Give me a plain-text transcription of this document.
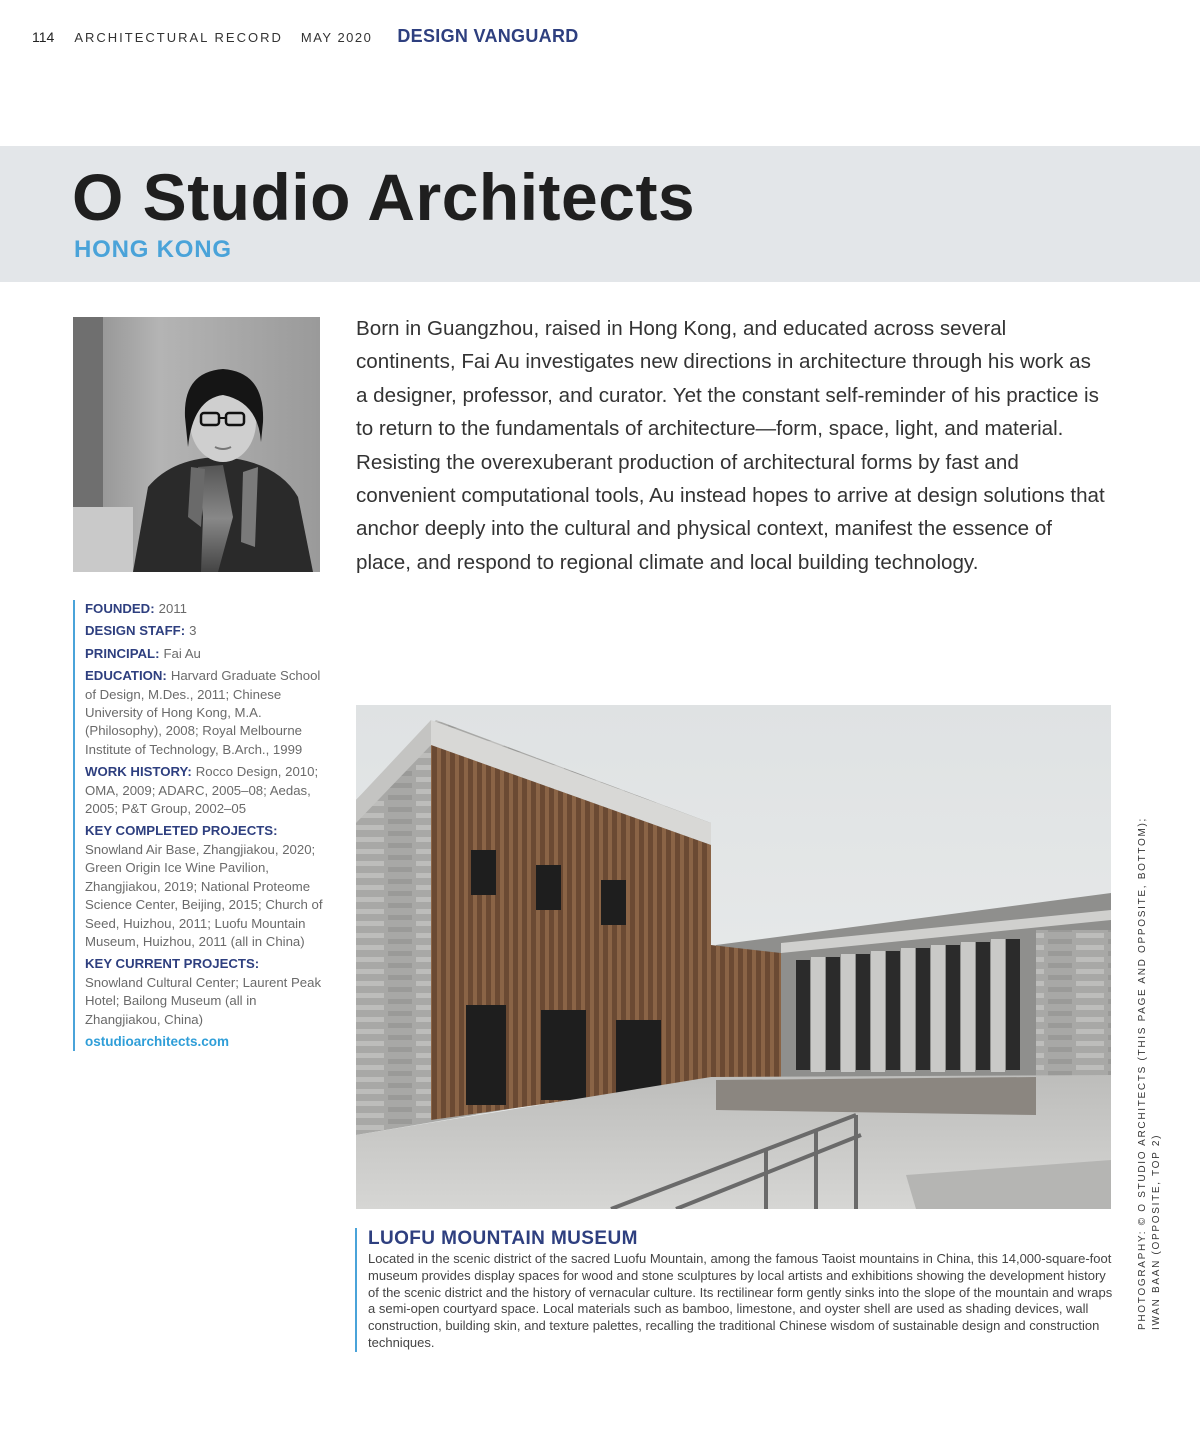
114 ARCHITECTURAL RECORD MAY 2020 DESIGN VANGUARD
O Studio Architects
HONG KONG

FOUNDED: 2011

DESIGN STAFF: 3

PRINCIPAL: Fai Au

EDUCATION: Harvard Graduate School of Design, M.Des., 2011; Chinese University of Hong Kong, M.A. (Philosophy), 2008; Royal Melbourne Institute of Technology, B.Arch., 1999

WORK HISTORY: Rocco Design, 2010; OMA, 2009; ADARC, 2005–08; Aedas, 2005; P&T Group, 2002–05

KEY COMPLETED PROJECTS:
Snowland Air Base, Zhangjiakou, 2020; Green Origin Ice Wine Pavilion, Zhangjiakou, 2019; National Proteome Science Center, Beijing, 2015; Church of Seed, Huizhou, 2011; Luofu Mountain Museum, Huizhou, 2011 (all in China)

KEY CURRENT PROJECTS:
Snowland Cultural Center; Laurent Peak Hotel; Bailong Museum (all in Zhangjiakou, China)

ostudioarchitects.com

Born in Guangzhou, raised in Hong Kong, and educated across several continents, Fai Au investigates new directions in architecture through his work as a designer, professor, and curator. Yet the constant self-reminder of his practice is to return to the fundamentals of architecture—form, space, light, and material. Resisting the overexuberant production of architectural forms by fast and convenient computational tools, Au instead hopes to arrive at design solutions that anchor deeply into the cultural and physical context, manifest the essence of place, and respond to regional climate and local building technology.

LUOFU MOUNTAIN MUSEUM

Located in the scenic district of the sacred Luofu Mountain, among the famous Taoist mountains in China, this 14,000-square-foot museum provides display spaces for wood and stone sculptures by local artists and exhibitions showing the development history of the scenic district and the history of vernacular culture. Its rectilinear form gently sinks into the slope of the mountain and wraps a semi-open courtyard space. Local materials such as bamboo, limestone, and oyster shell are used as shading devices, wall construction, building skin, and texture palettes, recalling the traditional Chinese wisdom of sustainable design and construction techniques.

PHOTOGRAPHY: © O STUDIO ARCHITECTS (THIS PAGE AND OPPOSITE, BOTTOM); IWAN BAAN (OPPOSITE, TOP 2)
